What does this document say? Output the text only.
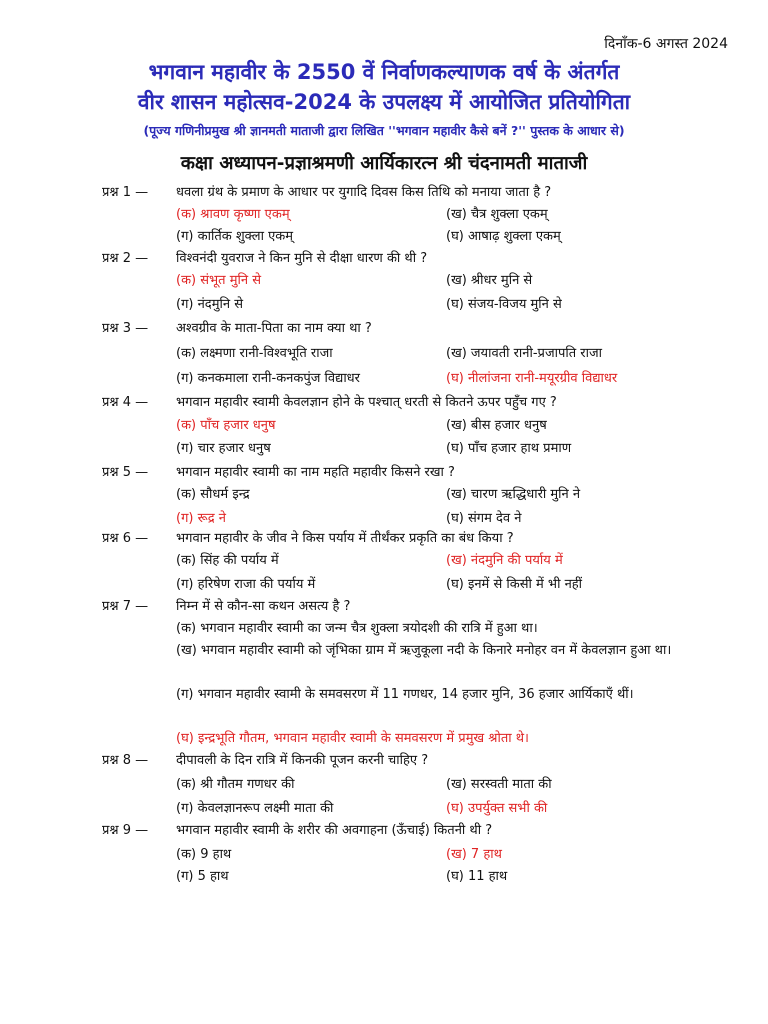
दिनाँक-6 अगस्त 2024
भगवान महावीर के 2550 वें निर्वाणकल्याणक वर्ष के अंतर्गत
वीर शासन महोत्सव-2024 के उपलक्ष्य में आयोजित प्रतियोगिता
(पूज्य गणिनीप्रमुख श्री ज्ञानमती माताजी द्वारा लिखित ''भगवान महावीर कैसे बनें ?'' पुस्तक के आधार से)
कक्षा अध्यापन-प्रज्ञाश्रमणी आर्यिकारत्न श्री चंदनामती माताजी
प्रश्न 1 —	धवला ग्रंथ के प्रमाण के आधार पर युगादि दिवस किस तिथि को मनाया जाता है ?
(क) श्रावण कृष्णा एकम्	(ख) चैत्र शुक्ला एकम्
(ग) कार्तिक शुक्ला एकम्	(घ) आषाढ़ शुक्ला एकम्
प्रश्न 2 —	विश्वनंदी युवराज ने किन मुनि से दीक्षा धारण की थी ?
(क) संभूत मुनि से	(ख) श्रीधर मुनि से
(ग) नंदमुनि से	(घ) संजय-विजय मुनि से
प्रश्न 3 —	अश्वग्रीव के माता-पिता का नाम क्या था ?
(क) लक्ष्मणा रानी-विश्वभूति राजा	(ख) जयावती रानी-प्रजापति राजा
(ग) कनकमाला रानी-कनकपुंज विद्याधर	(घ) नीलांजना रानी-मयूरग्रीव विद्याधर
प्रश्न 4 —	भगवान महावीर स्वामी केवलज्ञान होने के पश्चात् धरती से कितने ऊपर पहुँच गए ?
(क) पाँच हजार धनुष	(ख) बीस हजार धनुष
(ग) चार हजार धनुष	(घ) पाँच हजार हाथ प्रमाण
प्रश्न 5 —	भगवान महावीर स्वामी का नाम महति महावीर किसने रखा ?
(क) सौधर्म इन्द्र	(ख) चारण ऋद्धिधारी मुनि ने
(ग) रूद्र ने	(घ) संगम देव ने
प्रश्न 6 —	भगवान महावीर के जीव ने किस पर्याय में तीर्थंकर प्रकृति का बंध किया ?
(क) सिंह की पर्याय में	(ख) नंदमुनि की पर्याय में
(ग) हरिषेण राजा की पर्याय में	(घ) इनमें से किसी में भी नहीं
प्रश्न 7 —	निम्न में से कौन-सा कथन असत्य है ?
(क) भगवान महावीर स्वामी का जन्म चैत्र शुक्ला त्रयोदशी की रात्रि में हुआ था।
(ख) भगवान महावीर स्वामी को जृंभिका ग्राम में ऋजुकूला नदी के किनारे मनोहर वन में केवलज्ञान हुआ था।
(ग) भगवान महावीर स्वामी के समवसरण में 11 गणधर, 14 हजार मुनि, 36 हजार आर्यिकाएँ थीं।
(घ) इन्द्रभूति गौतम, भगवान महावीर स्वामी के समवसरण में प्रमुख श्रोता थे।
प्रश्न 8 —	दीपावली के दिन रात्रि में किनकी पूजन करनी चाहिए ?
(क) श्री गौतम गणधर की	(ख) सरस्वती माता की
(ग) केवलज्ञानरूप लक्ष्मी माता की	(घ) उपर्युक्त सभी की
प्रश्न 9 —	भगवान महावीर स्वामी के शरीर की अवगाहना (ऊँचाई) कितनी थी ?
(क) 9 हाथ	(ख) 7 हाथ
(ग) 5 हाथ	(घ) 11 हाथ
